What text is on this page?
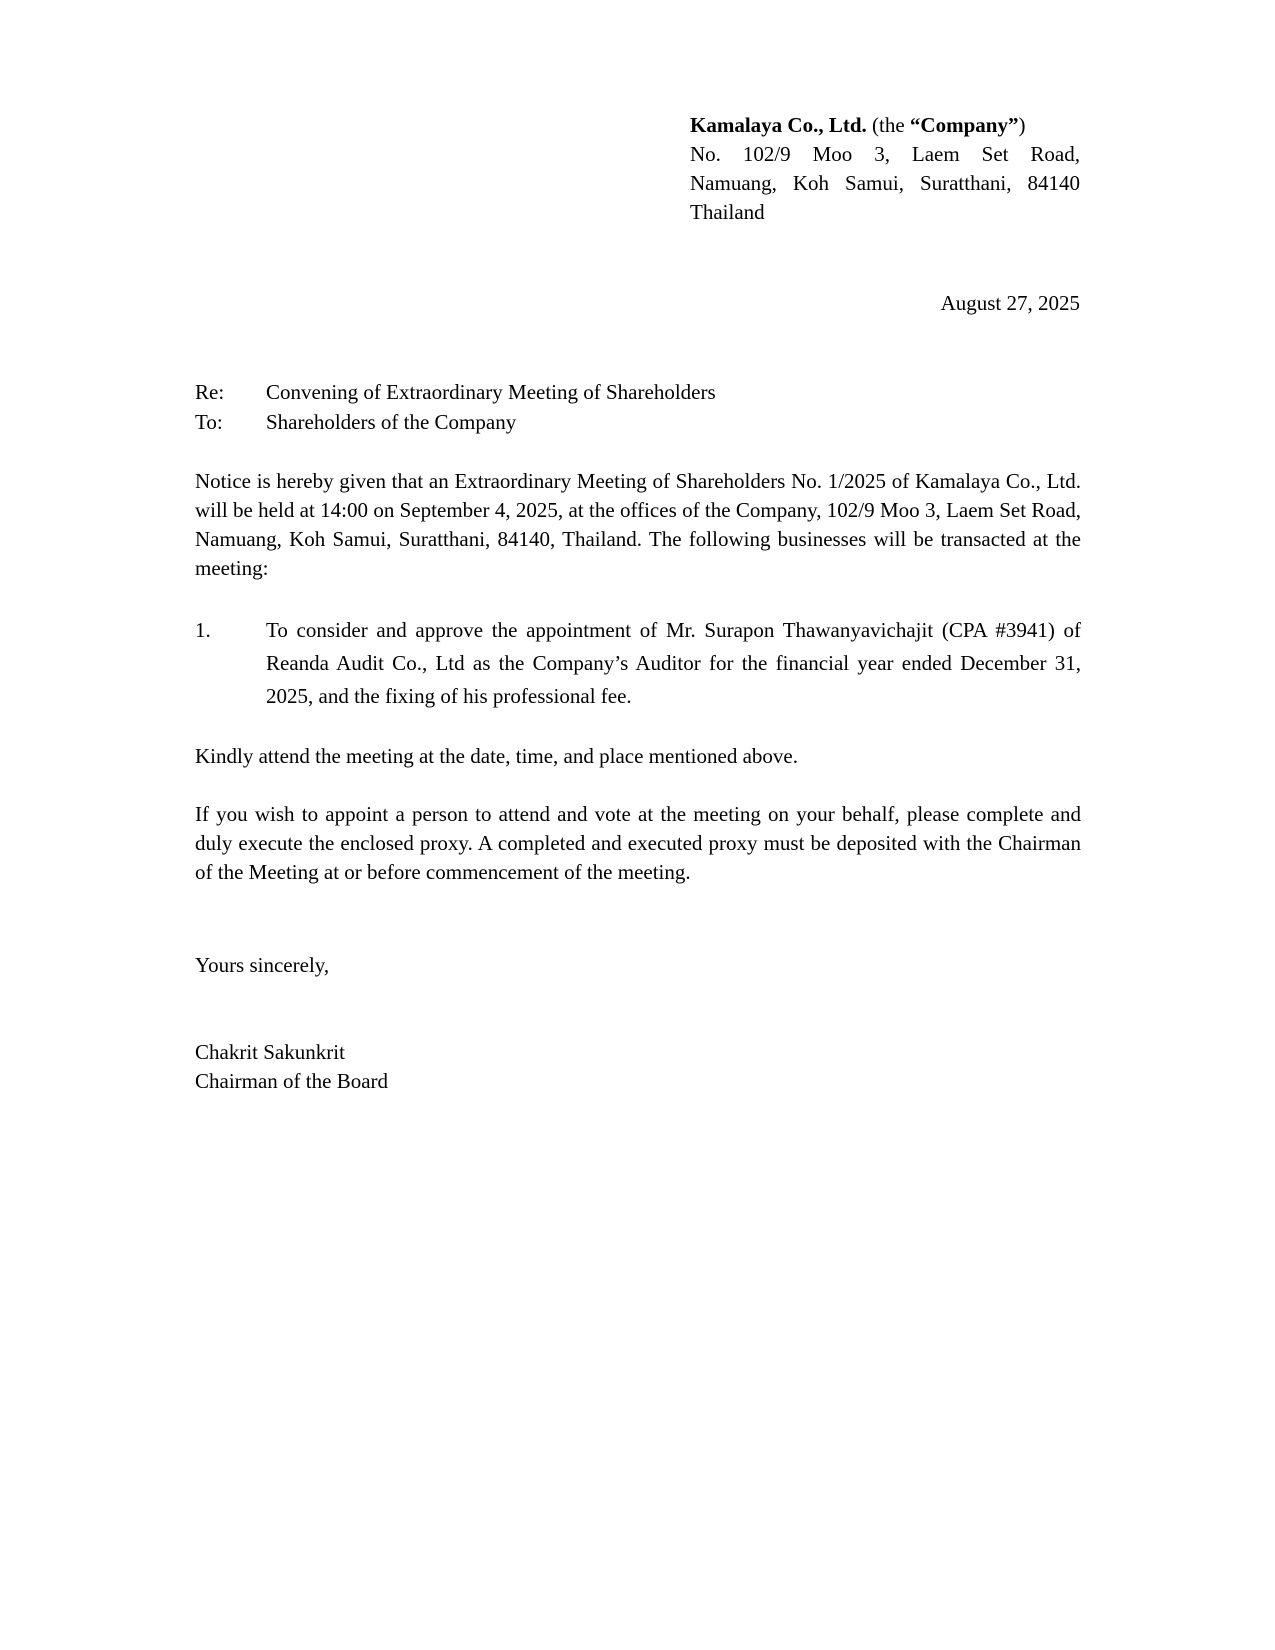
Kamalaya Co., Ltd. (the “Company”)
No. 102/9 Moo 3, Laem Set Road,
Namuang, Koh Samui, Suratthani, 84140
Thailand
August 27, 2025
Re:	Convening of Extraordinary Meeting of Shareholders
To:	Shareholders of the Company

Notice is hereby given that an Extraordinary Meeting of Shareholders No. 1/2025 of Kamalaya Co., Ltd. will be held at 14:00 on September 4, 2025, at the offices of the Company, 102/9 Moo 3, Laem Set Road, Namuang, Koh Samui, Suratthani, 84140, Thailand. The following businesses will be transacted at the meeting:

1.	To consider and approve the appointment of Mr. Surapon Thawanyavichajit (CPA #3941) of Reanda Audit Co., Ltd as the Company’s Auditor for the financial year ended December 31, 2025, and the fixing of his professional fee.

Kindly attend the meeting at the date, time, and place mentioned above.

If you wish to appoint a person to attend and vote at the meeting on your behalf, please complete and duly execute the enclosed proxy. A completed and executed proxy must be deposited with the Chairman of the Meeting at or before commencement of the meeting.

Yours sincerely,

Chakrit Sakunkrit
Chairman of the Board
